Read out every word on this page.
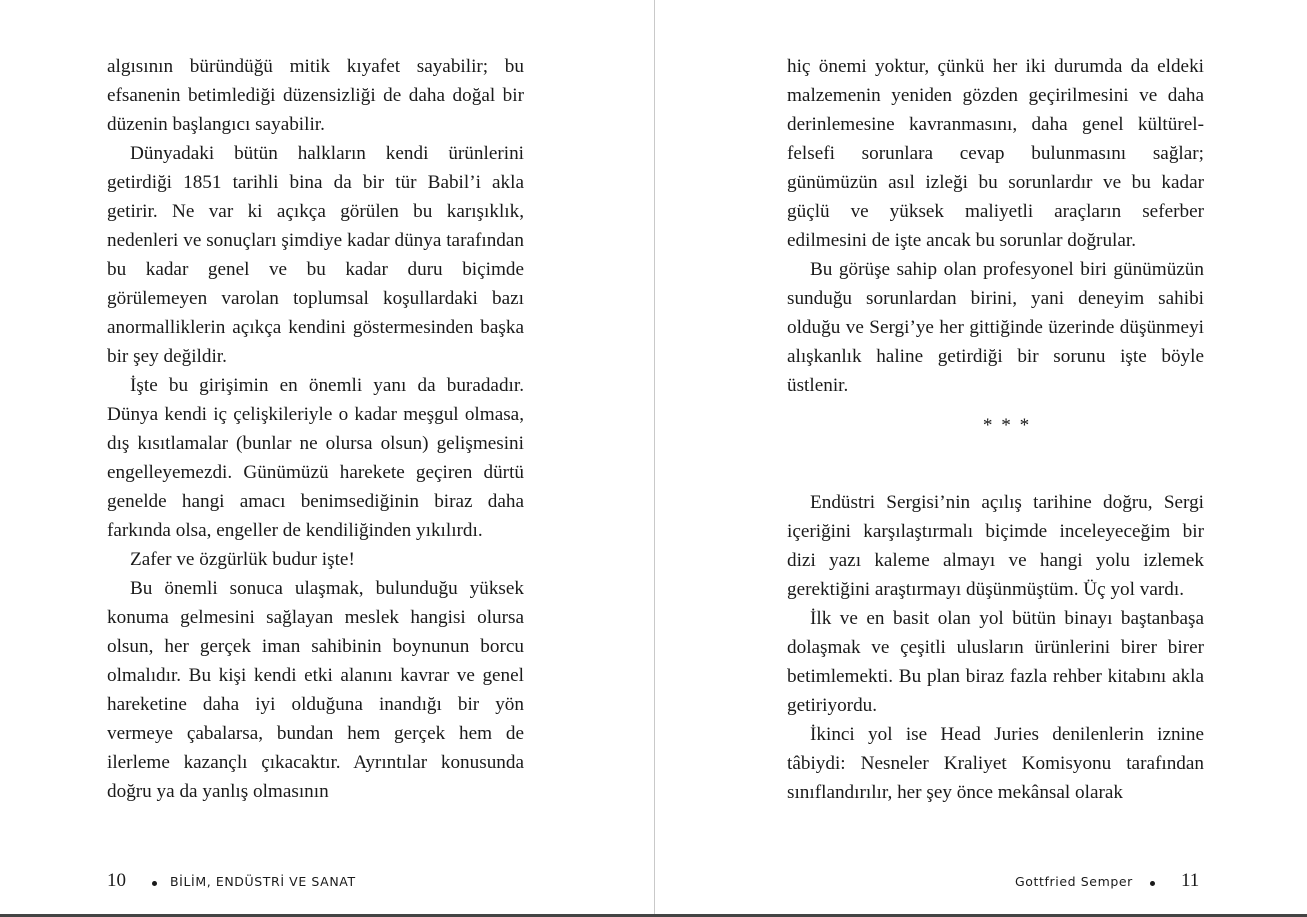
algısının büründüğü mitik kıyafet sayabilir; bu efsanenin betimlediği düzensizliği de daha doğal bir düzenin başlangıcı sayabilir.

Dünyadaki bütün halkların kendi ürünlerini getirdiği 1851 tarihli bina da bir tür Babil’i akla getirir. Ne var ki açıkça görülen bu karışıklık, nedenleri ve sonuçları şimdiye kadar dünya tarafından bu kadar genel ve bu kadar duru biçimde görülemeyen varolan toplumsal koşullardaki bazı anormalliklerin açıkça kendini göstermesinden başka bir şey değildir.

İşte bu girişimin en önemli yanı da buradadır. Dünya kendi iç çelişkileriyle o kadar meşgul olmasa, dış kısıtlamalar (bunlar ne olursa olsun) gelişmesini engelleyemezdi. Günümüzü harekete geçiren dürtü genelde hangi amacı benimsediğinin biraz daha farkında olsa, engeller de kendiliğinden yıkılırdı.

Zafer ve özgürlük budur işte!

Bu önemli sonuca ulaşmak, bulunduğu yüksek konuma gelmesini sağlayan meslek hangisi olursa olsun, her gerçek iman sahibinin boynunun borcu olmalıdır. Bu kişi kendi etki alanını kavrar ve genel hareketine daha iyi olduğuna inandığı bir yön vermeye çabalarsa, bundan hem gerçek hem de ilerleme kazançlı çıkacaktır. Ayrıntılar konusunda doğru ya da yanlış olmasının

hiç önemi yoktur, çünkü her iki durumda da eldeki malzemenin yeniden gözden geçirilmesini ve daha derinlemesine kavranmasını, daha genel kültürel-felsefi sorunlara cevap bulunmasını sağlar; günümüzün asıl izleği bu sorunlardır ve bu kadar güçlü ve yüksek maliyetli araçların seferber edilmesini de işte ancak bu sorunlar doğrular.

Bu görüşe sahip olan profesyonel biri günümüzün sunduğu sorunlardan birini, yani deneyim sahibi olduğu ve Sergi’ye her gittiğinde üzerinde düşünmeyi alışkanlık haline getirdiği bir sorunu işte böyle üstlenir.

* * *

Endüstri Sergisi’nin açılış tarihine doğru, Sergi içeriğini karşılaştırmalı biçimde inceleyeceğim bir dizi yazı kaleme almayı ve hangi yolu izlemek gerektiğini araştırmayı düşünmüştüm. Üç yol vardı.

İlk ve en basit olan yol bütün binayı baştanbaşa dolaşmak ve çeşitli ulusların ürünlerini birer birer betimlemekti. Bu plan biraz fazla rehber kitabını akla getiriyordu.

İkinci yol ise Head Juries denilenlerin iznine tâbiydi: Nesneler Kraliyet Komisyonu tarafından sınıflandırılır, her şey önce mekânsal olarak

10	BİLİM, ENDÜSTRİ VE SANAT	Gottfried Semper	11
